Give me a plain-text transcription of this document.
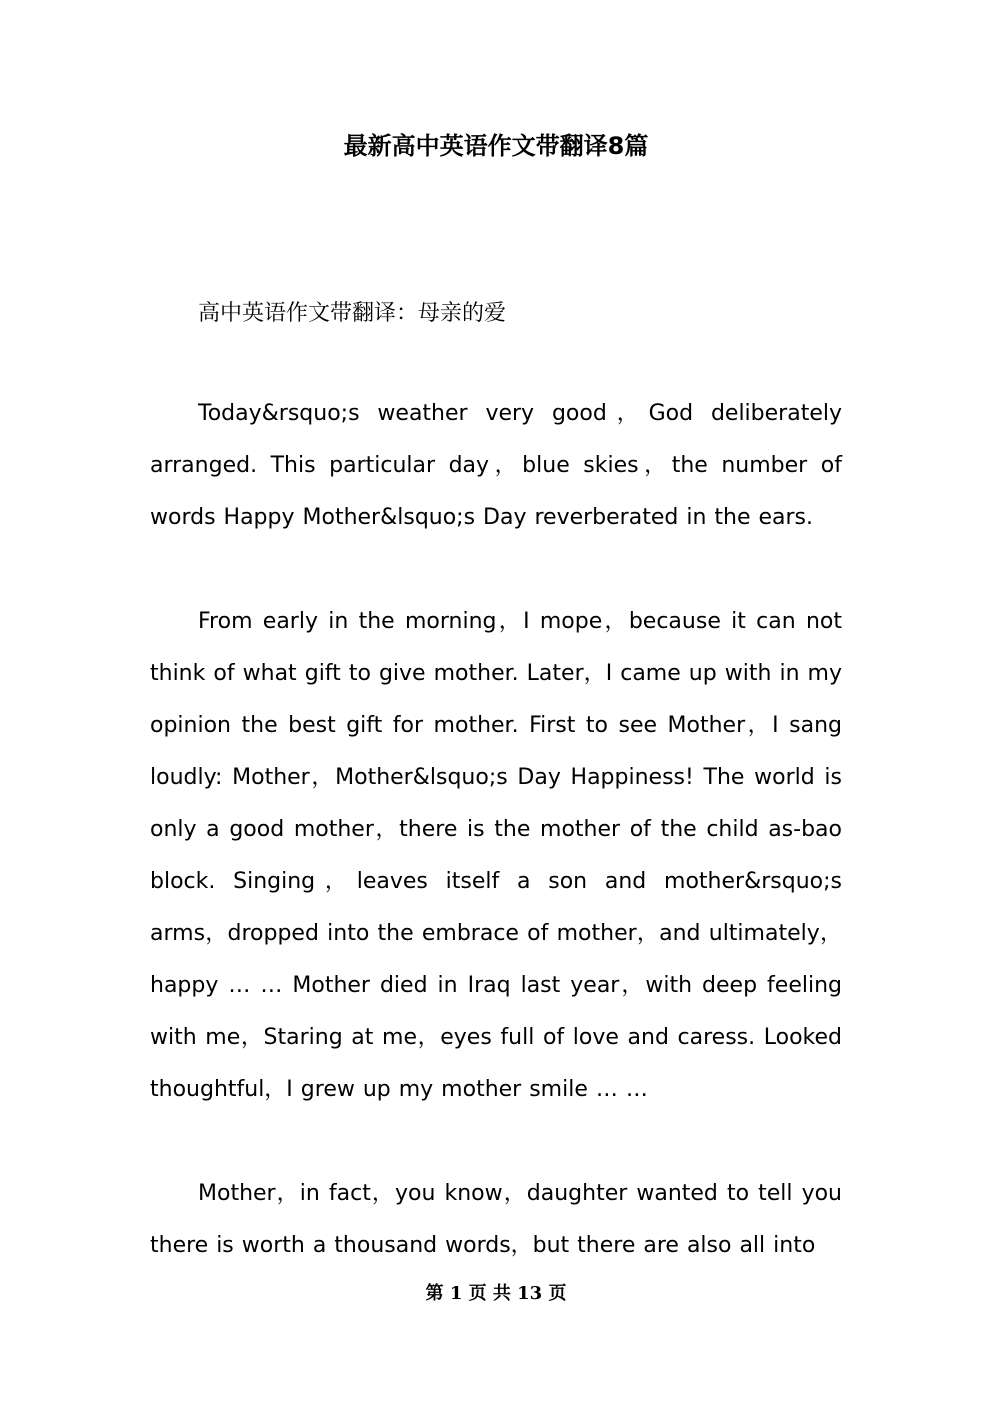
最新高中英语作文带翻译8篇

高中英语作文带翻译：母亲的爱

Today&rsquo;s weather very good，God deliberately arranged. This particular day，blue skies，the number of words Happy Mother&lsquo;s Day reverberated in the ears.

From early in the morning，I mope，because it can not think of what gift to give mother. Later，I came up with in my opinion the best gift for mother. First to see Mother，I sang loudly: Mother，Mother&lsquo;s Day Happiness! The world is only a good mother，there is the mother of the child as-bao block. Singing，leaves itself a son and mother&rsquo;s arms，dropped into the embrace of mother，and ultimately，happy … … Mother died in Iraq last year，with deep feeling with me，Staring at me，eyes full of love and caress. Looked thoughtful，I grew up my mother smile … …

Mother，in fact，you know，daughter wanted to tell you there is worth a thousand words，but there are also all into

第 1 页 共 13 页
